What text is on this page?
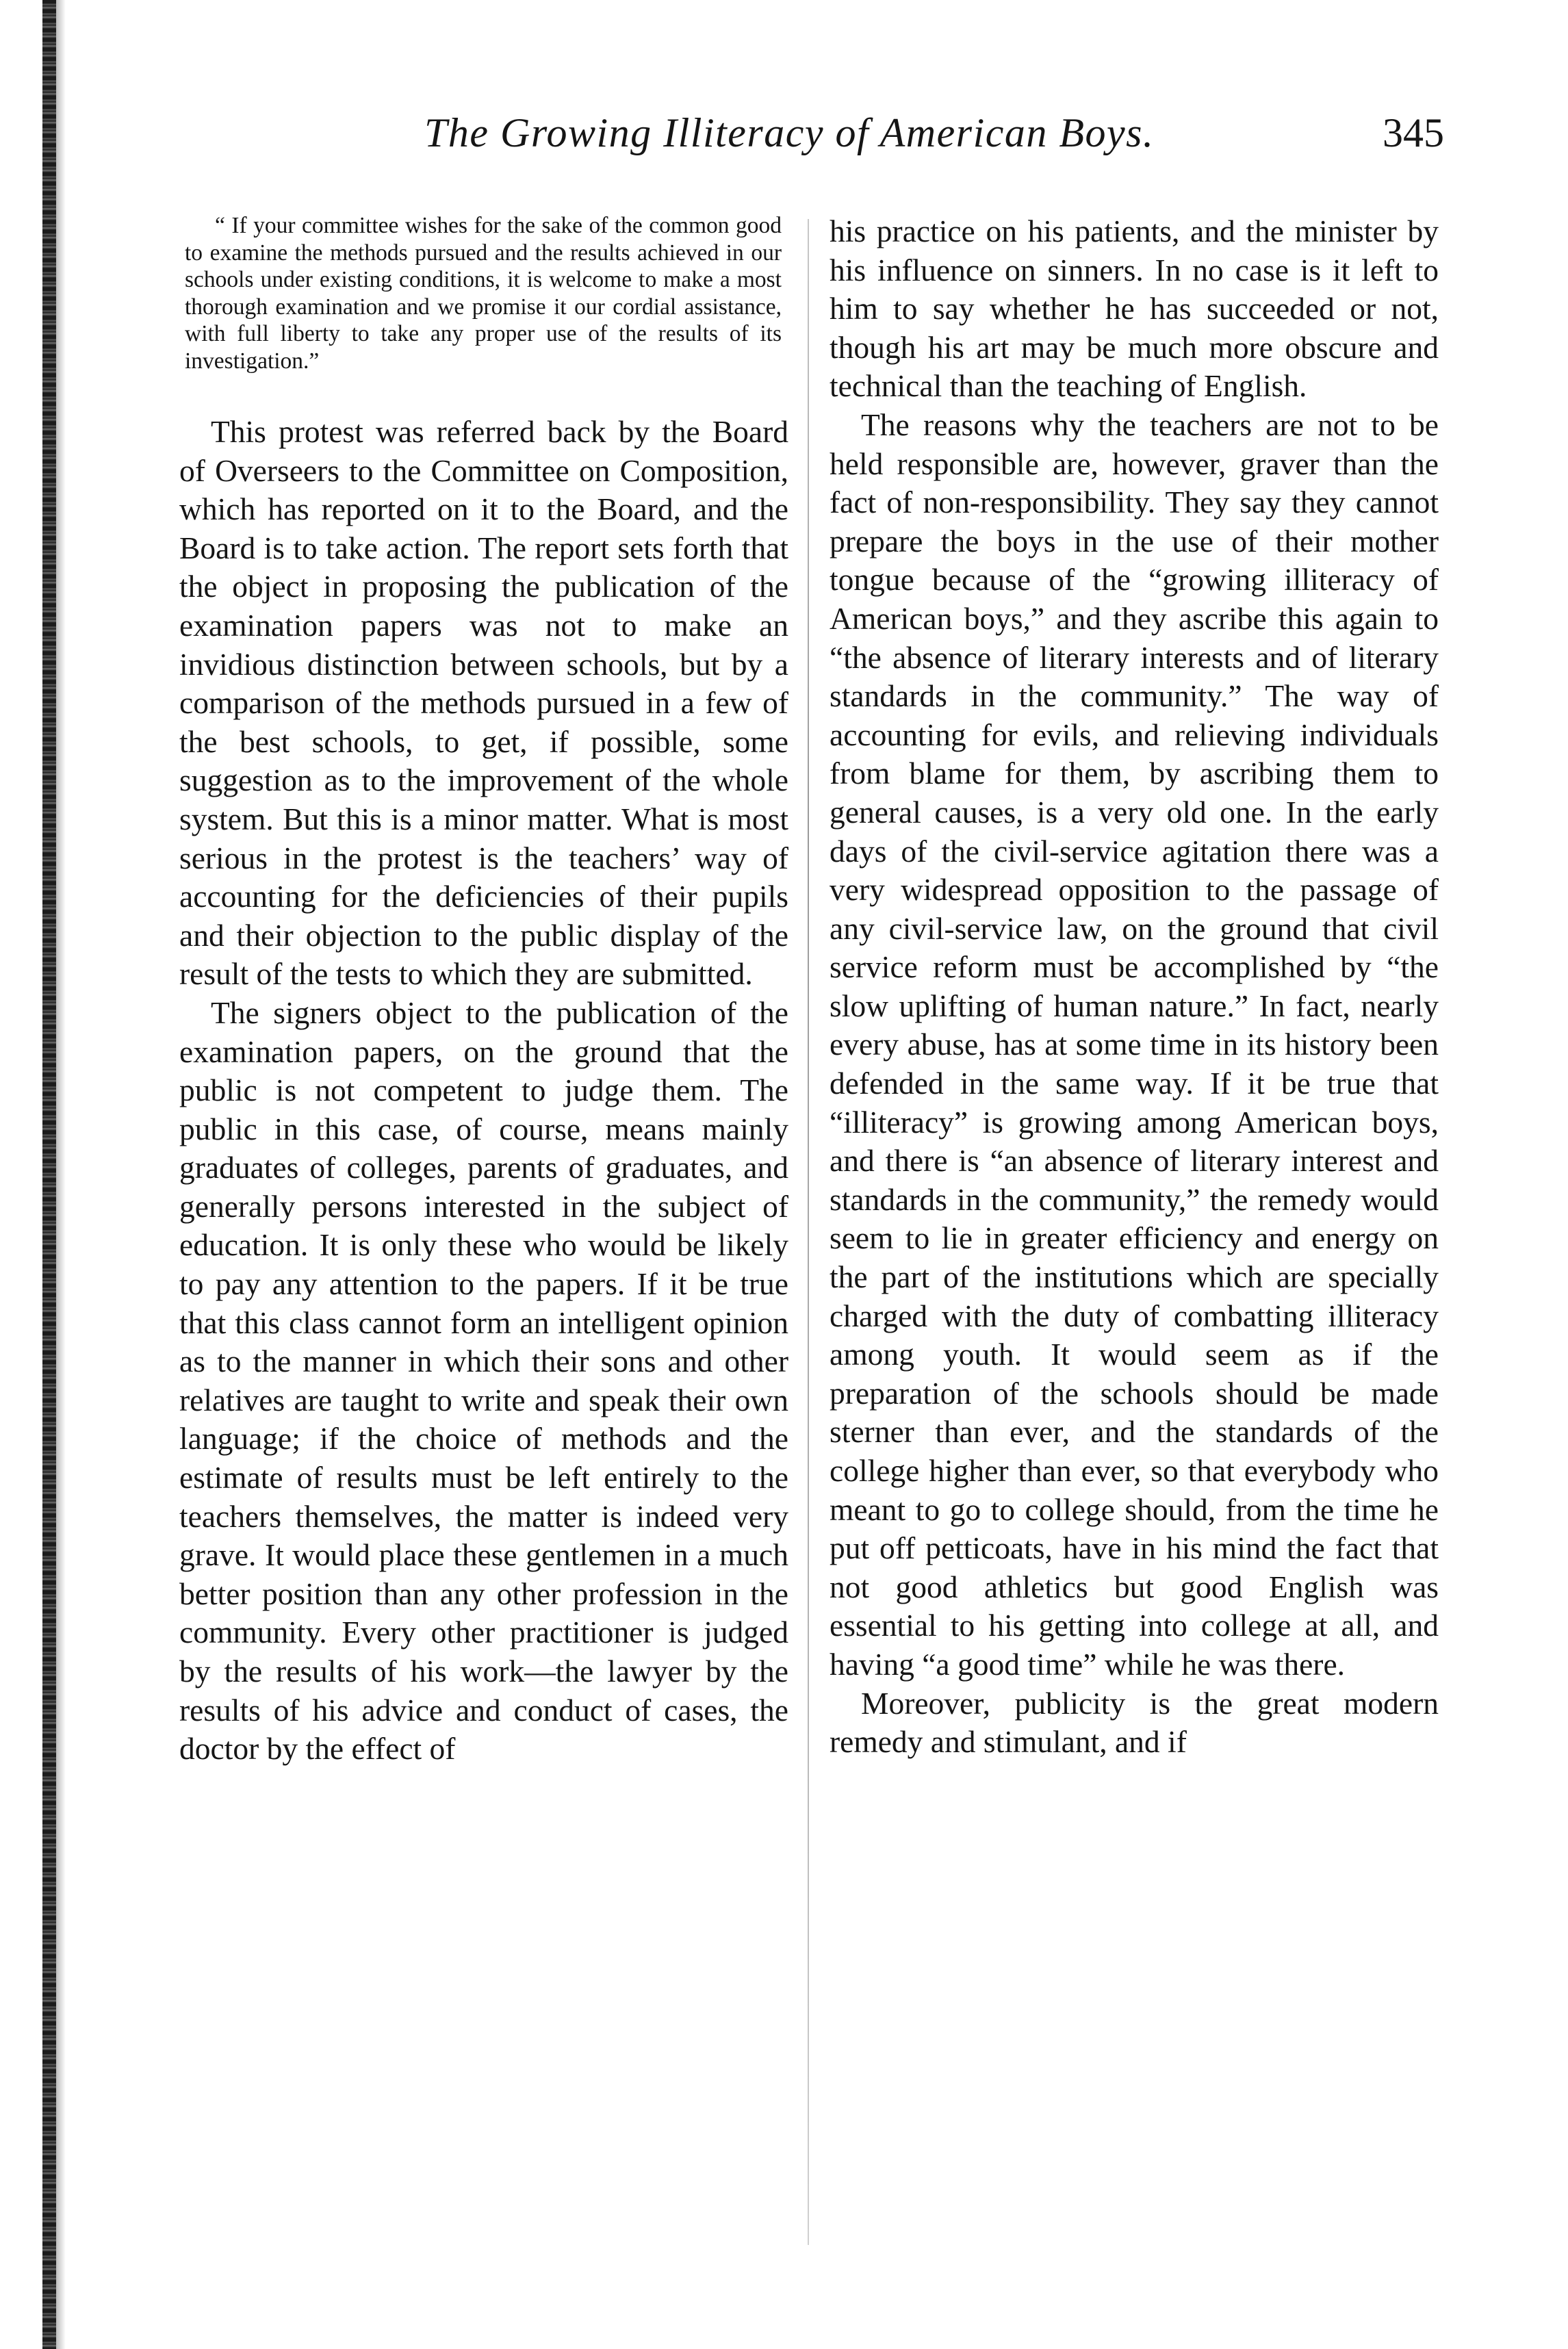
The Growing Illiteracy of American Boys.	345

“ If your committee wishes for the sake of the common good to examine the methods pursued and the results achieved in our schools under existing conditions, it is welcome to make a most thorough examination and we promise it our cordial assistance, with full liberty to take any proper use of the results of its investigation.”

This protest was referred back by the Board of Overseers to the Committee on Composition, which has reported on it to the Board, and the Board is to take action. The report sets forth that the object in proposing the publication of the examination papers was not to make an invidious distinction between schools, but by a comparison of the methods pursued in a few of the best schools, to get, if possible, some suggestion as to the improvement of the whole system. But this is a minor matter. What is most serious in the protest is the teachers’ way of accounting for the deficiencies of their pupils and their objection to the public display of the result of the tests to which they are submitted.

The signers object to the publication of the examination papers, on the ground that the public is not competent to judge them. The public in this case, of course, means mainly graduates of colleges, parents of graduates, and generally persons interested in the subject of education. It is only these who would be likely to pay any attention to the papers. If it be true that this class cannot form an intelligent opinion as to the manner in which their sons and other relatives are taught to write and speak their own language; if the choice of methods and the estimate of results must be left entirely to the teachers themselves, the matter is indeed very grave. It would place these gentlemen in a much better position than any other profession in the community. Every other practitioner is judged by the results of his work—the lawyer by the results of his advice and conduct of cases, the doctor by the effect of

his practice on his patients, and the minister by his influence on sinners. In no case is it left to him to say whether he has succeeded or not, though his art may be much more obscure and technical than the teaching of English.

The reasons why the teachers are not to be held responsible are, however, graver than the fact of non-responsibility. They say they cannot prepare the boys in the use of their mother tongue because of the “growing illiteracy of American boys,” and they ascribe this again to “the absence of literary interests and of literary standards in the community.” The way of accounting for evils, and relieving individuals from blame for them, by ascribing them to general causes, is a very old one. In the early days of the civil-service agitation there was a very widespread opposition to the passage of any civil-service law, on the ground that civil service reform must be accomplished by “the slow uplifting of human nature.” In fact, nearly every abuse, has at some time in its history been defended in the same way. If it be true that “illiteracy” is growing among American boys, and there is “an absence of literary interest and standards in the community,” the remedy would seem to lie in greater efficiency and energy on the part of the institutions which are specially charged with the duty of combatting illiteracy among youth. It would seem as if the preparation of the schools should be made sterner than ever, and the standards of the college higher than ever, so that everybody who meant to go to college should, from the time he put off petticoats, have in his mind the fact that not good athletics but good English was essential to his getting into college at all, and having “a good time” while he was there.

Moreover, publicity is the great modern remedy and stimulant, and if
